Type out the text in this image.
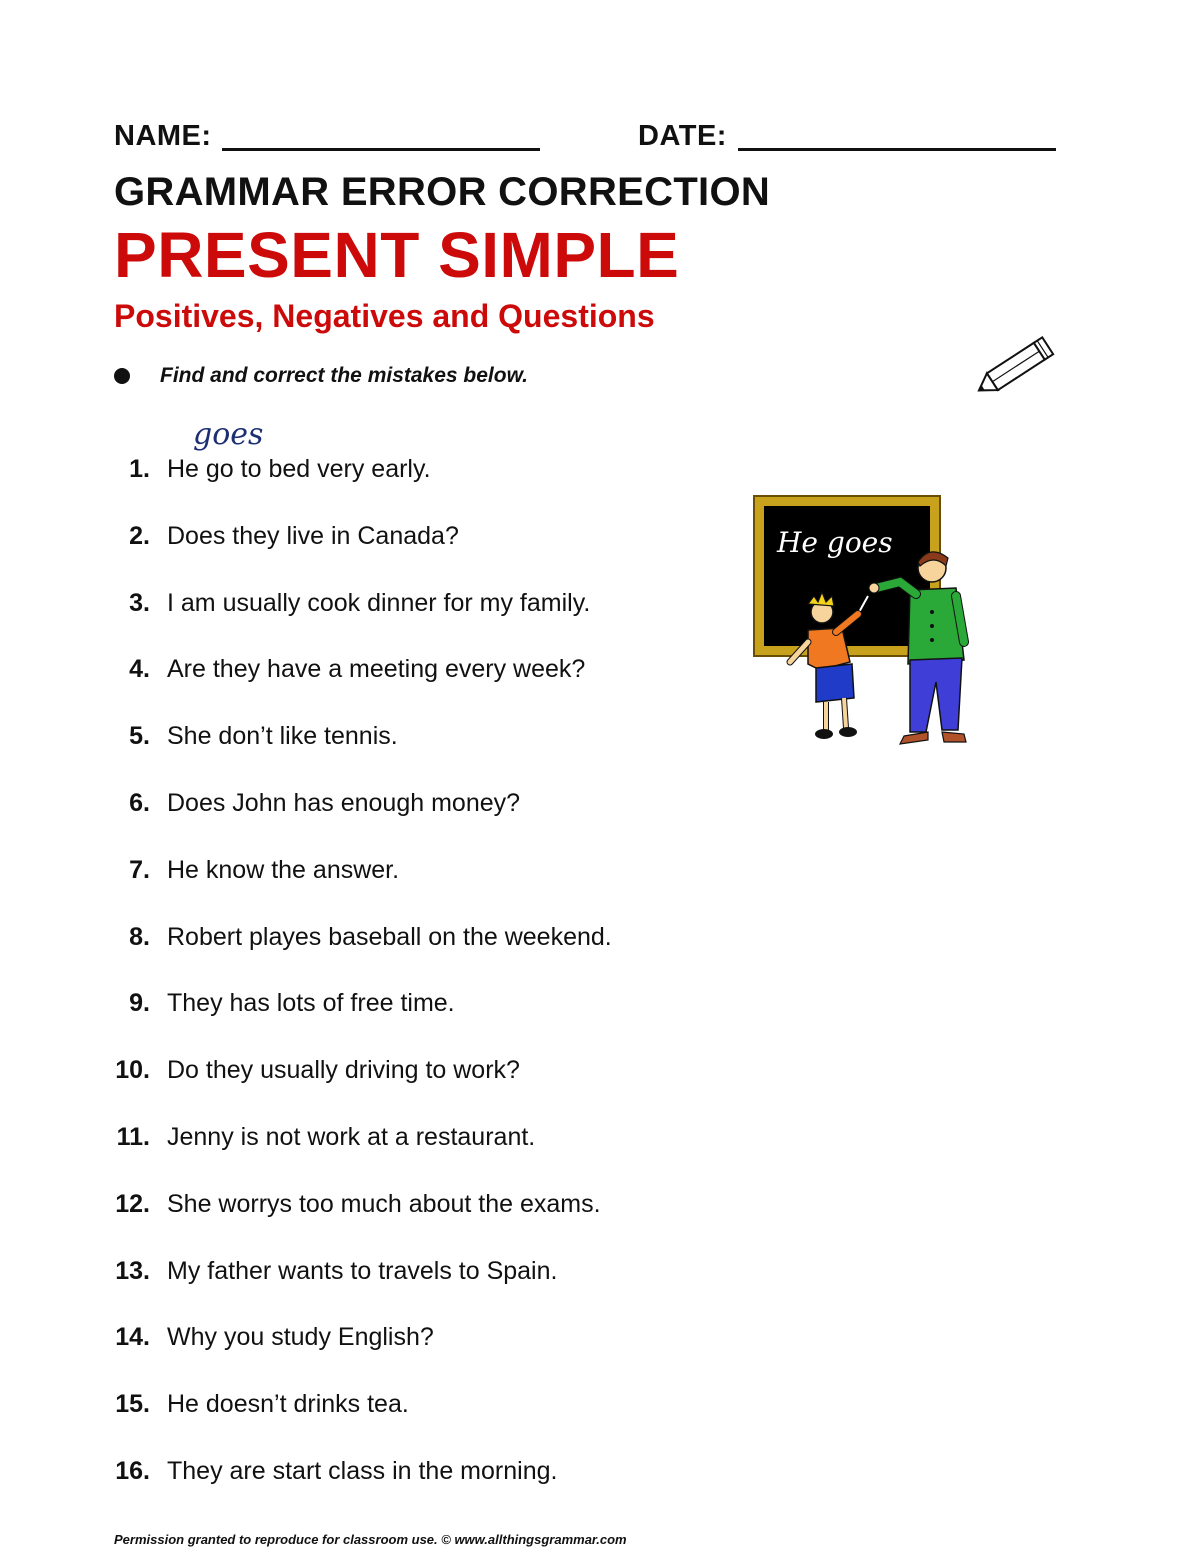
NAME:	DATE:
GRAMMAR ERROR CORRECTION
PRESENT SIMPLE
Positives, Negatives and Questions
Find and correct the mistakes below.
goes
1. He go to bed very early.
2. Does they live in Canada?
3. I am usually cook dinner for my family.
4. Are they have a meeting every week?
5. She don’t like tennis.
6. Does John has enough money?
7. He know the answer.
8. Robert playes baseball on the weekend.
9. They has lots of free time.
10. Do they usually driving to work?
11. Jenny is not work at a restaurant.
12. She worrys too much about the exams.
13. My father wants to travels to Spain.
14. Why you study English?
15. He doesn’t drinks tea.
16. They are start class in the morning.
He goes
Permission granted to reproduce for classroom use. © www.allthingsgrammar.com
